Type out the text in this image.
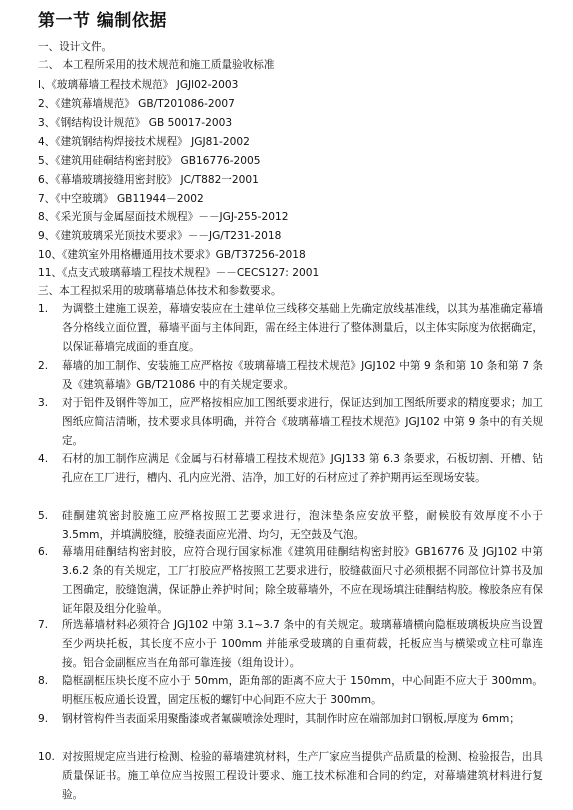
第一节 编制依据
一、设计文件。
二、 本工程所采用的技术规范和施工质量验收标准
l、《玻璃幕墙工程技术规范》 JGJl02-2003
2、《建筑幕墙规范》 GB/T201086-2007
3、《钢结构设计规范》 GB 50017-2003
4、《建筑钢结构焊接技术规程》 JGJ81-2002
5、《建筑用硅硐结构密封胶》 GB16776-2005
6、《幕墙玻璃接缝用密封胶》 JC/T882一2001
7、《中空玻璃》 GB11944－2002
8、《采光顶与金属屋面技术规程》－－JGJ-255-2012
9、《建筑玻璃采光顶技术要求》－－JG/T231-2018
10、《建筑室外用格栅通用技术要求》GB/T37256-2018
11、《点支式玻璃幕墙工程技术规程》－－CECS127: 2001
三、本工程拟采用的玻璃幕墙总体技术和参数要求。
1. 为调整土建施工误差，幕墙安装应在土建单位三线移交基础上先确定放线基准线，以其为基准确定幕墙各分格线立面位置，幕墙平面与主体间距，需在经主体进行了整体测量后，以主体实际度为依据确定，以保证幕墙完成面的垂直度。
2. 幕墙的加工制作、安装施工应严格按《玻璃幕墙工程技术规范》JGJ102 中第 9 条和第 10 条和第 7 条及《建筑幕墙》GB/T21086 中的有关规定要求。
3. 对于铝件及钢件等加工，应严格按相应加工图纸要求进行，保证达到加工图纸所要求的精度要求；加工图纸应简洁清晰，技术要求具体明确，并符合《玻璃幕墙工程技术规范》JGJ102 中第 9 条中的有关规定。
4. 石材的加工制作应满足《金属与石材幕墙工程技术规范》JGJ133 第 6.3 条要求，石板切割、开槽、钻孔应在工厂进行，槽内、孔内应光滑、洁净，加工好的石材应过了养护期再运至现场安装。
5. 硅酮建筑密封胶施工应严格按照工艺要求进行，泡沫垫条应安放平整，耐候胶有效厚度不小于 3.5mm，并填满胶缝，胶缝表面应光滑、均匀，无空鼓及气泡。
6. 幕墙用硅酮结构密封胶，应符合现行国家标准《建筑用硅酮结构密封胶》GB16776 及 JGJ102 中第 3.6.2 条的有关规定，工厂打胶应严格按照工艺要求进行，胶缝截面尺寸必须根据不同部位计算书及加工图确定，胶缝饱满，保证静止养护时间；除全玻幕墙外，不应在现场填注硅酮结构胶。橡胶条应有保证年限及组分化验单。
7. 所选幕墙材料必须符合 JGJ102 中第 3.1~3.7 条中的有关规定。玻璃幕墙横向隐框玻璃板块应当设置至少两块托板，其长度不应小于 100mm 并能承受玻璃的自重荷载，托板应当与横梁或立柱可靠连接。铝合金副框应当在角部可靠连接（组角设计）。
8. 隐框副框压块长度不应小于 50mm，距角部的距离不应大于 150mm，中心间距不应大于 300mm。明框压板应通长设置，固定压板的螺钉中心间距不应大于 300mm。
9. 钢材管构件当表面采用聚酯漆或者氟碳喷涂处理时，其制作时应在端部加封口钢板,厚度为 6mm；
10. 对按照规定应当进行检测、检验的幕墙建筑材料，生产厂家应当提供产品质量的检测、检验报告，出具质量保证书。施工单位应当按照工程设计要求、施工技术标准和合同的约定，对幕墙建筑材料进行复验。
